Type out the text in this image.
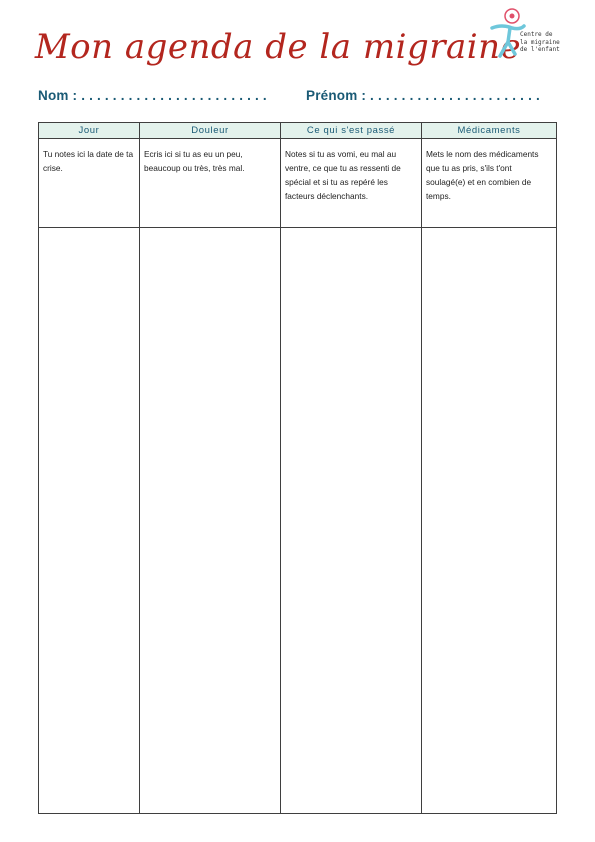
Mon agenda de la migraine
Centre de
la migraine
de l'enfant
Nom : . . . . . . . . . . . . . . . . . . . . . . . .	Prénom : . . . . . . . . . . . . . . . . . . . . . .
Jour	Douleur	Ce qui s'est passé	Médicaments
Tu notes ici la date de ta crise.	Ecris ici si tu as eu un peu, beaucoup ou très, très mal.	Notes si tu as vomi, eu mal au ventre, ce que tu as ressenti de spécial et si tu as repéré les facteurs déclenchants.	Mets le nom des médicaments que tu as pris, s'ils t'ont soulagé(e) et en combien de temps.
